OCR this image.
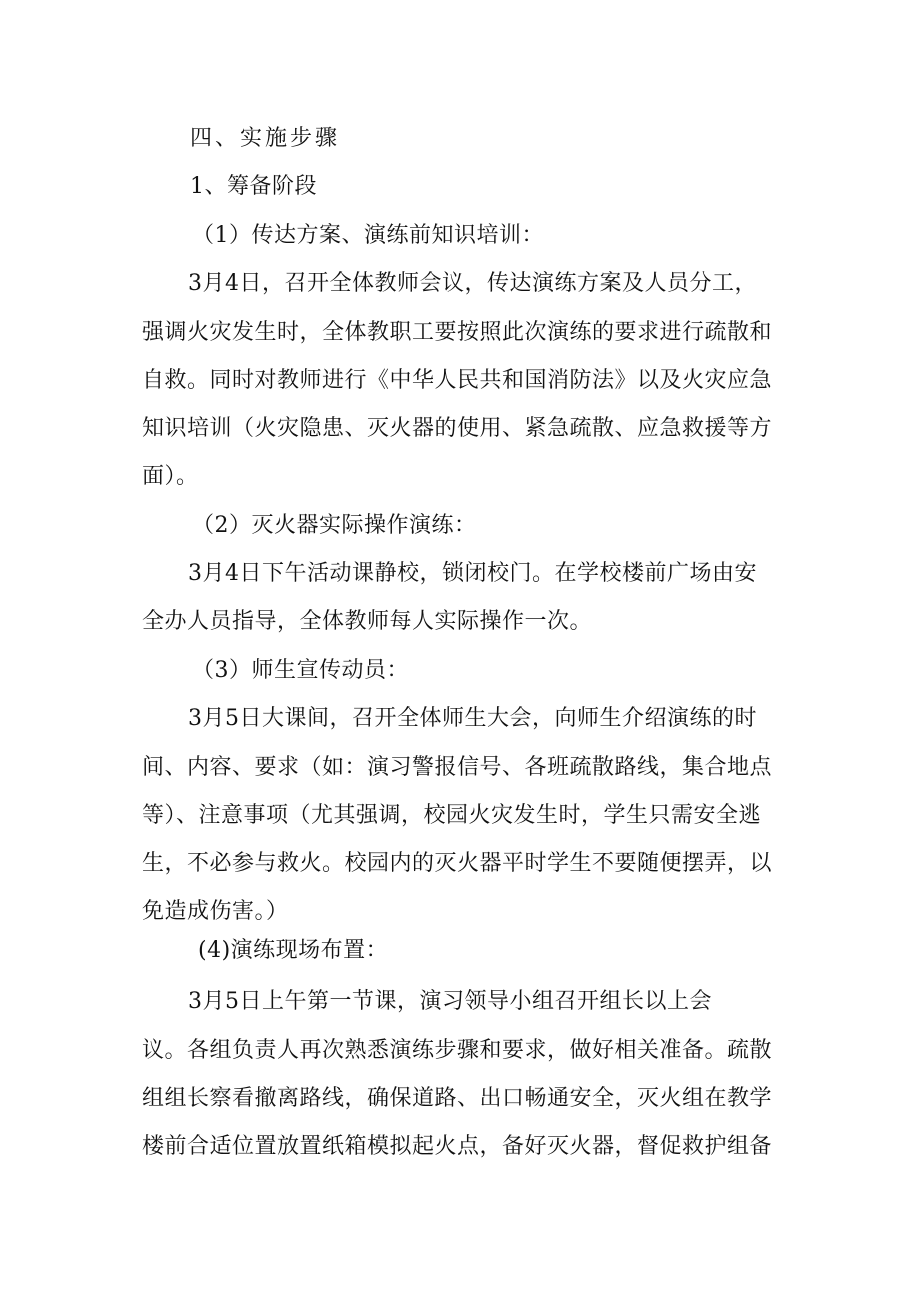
四、实施步骤
1、筹备阶段
（1）传达方案、演练前知识培训：
3月4日，召开全体教师会议，传达演练方案及人员分工，
强调火灾发生时，全体教职工要按照此次演练的要求进行疏散和
自救。同时对教师进行《中华人民共和国消防法》以及火灾应急
知识培训（火灾隐患、灭火器的使用、紧急疏散、应急救援等方
面）。
（2）灭火器实际操作演练：
3月4日下午活动课静校，锁闭校门。在学校楼前广场由安
全办人员指导，全体教师每人实际操作一次。
（3）师生宣传动员：
3月5日大课间，召开全体师生大会，向师生介绍演练的时
间、内容、要求（如：演习警报信号、各班疏散路线，集合地点
等）、注意事项（尤其强调，校园火灾发生时，学生只需安全逃
生，不必参与救火。校园内的灭火器平时学生不要随便摆弄，以
免造成伤害。）
(4)演练现场布置：
3月5日上午第一节课，演习领导小组召开组长以上会
议。各组负责人再次熟悉演练步骤和要求，做好相关准备。疏散
组组长察看撤离路线，确保道路、出口畅通安全，灭火组在教学
楼前合适位置放置纸箱模拟起火点，备好灭火器，督促救护组备
